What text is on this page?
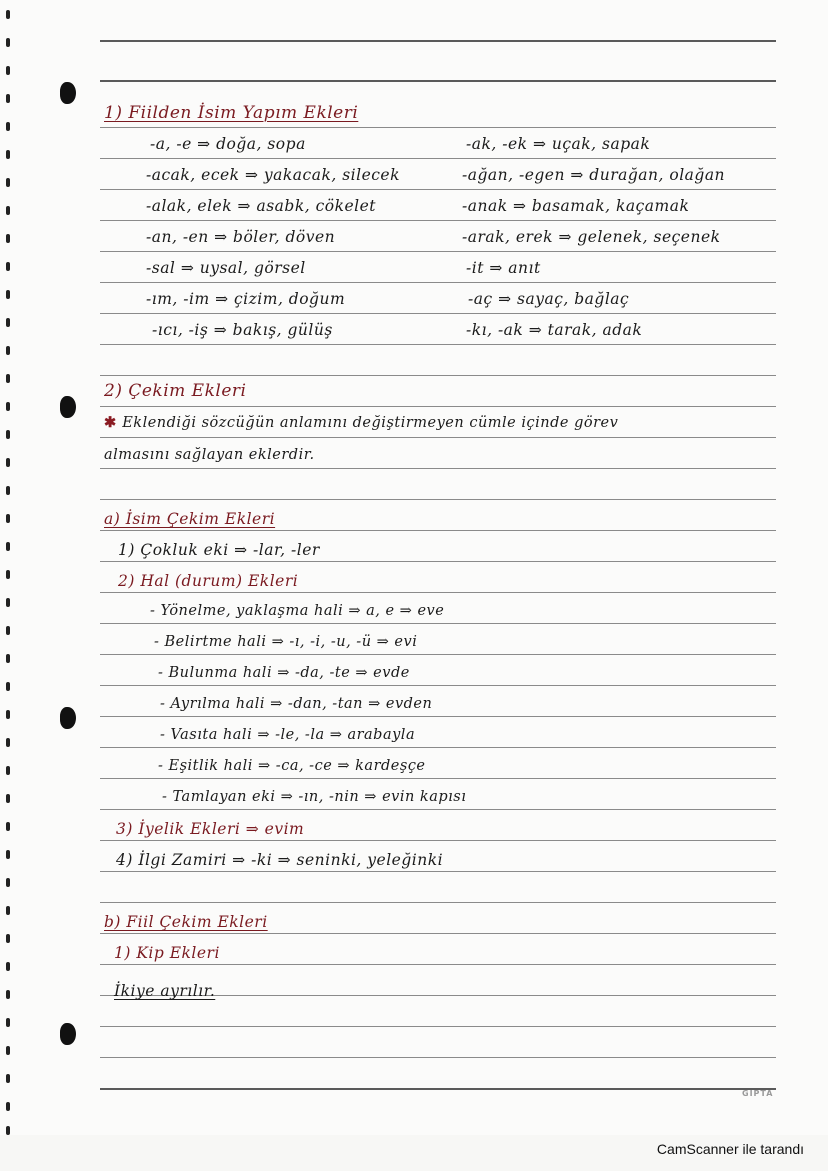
1) Fiilden İsim Yapım Ekleri
-a, -e ⇒ doğa, sopa
-acak, ecek ⇒ yakacak, silecek
-alak, elek ⇒ asabk, cökelet
-an, -en ⇒ böler, döven
-sal ⇒ uysal, görsel
-ım, -im ⇒ çizim, doğum
-ıcı, -iş ⇒ bakış, gülüş
-ak, -ek ⇒ uçak, sapak
-ağan, -egen ⇒ durağan, olağan
-anak ⇒ basamak, kaçamak
-arak, erek ⇒ gelenek, seçenek
-it ⇒ anıt
-aç ⇒ sayaç, bağlaç
-kı, -ak ⇒ tarak, adak
2) Çekim Ekleri
✱ Eklendiği sözcüğün anlamını değiştirmeyen cümle içinde görev
almasını sağlayan eklerdir.
a) İsim Çekim Ekleri
1) Çokluk eki ⇒ -lar, -ler
2) Hal (durum) Ekleri
- Yönelme, yaklaşma hali ⇒ a, e ⇒ eve
- Belirtme hali ⇒ -ı, -i, -u, -ü ⇒ evi
- Bulunma hali ⇒ -da, -te ⇒ evde
- Ayrılma hali ⇒ -dan, -tan ⇒ evden
- Vasıta hali ⇒ -le, -la ⇒ arabayla
- Eşitlik hali ⇒ -ca, -ce ⇒ kardeşçe
- Tamlayan eki ⇒ -ın, -nin ⇒ evin kapısı
3) İyelik Ekleri ⇒ evim
4) İlgi Zamiri ⇒ -ki ⇒ seninki, yeleğinki
b) Fiil Çekim Ekleri
1) Kip Ekleri
İkiye ayrılır.
GIPTA
CamScanner ile tarandı
